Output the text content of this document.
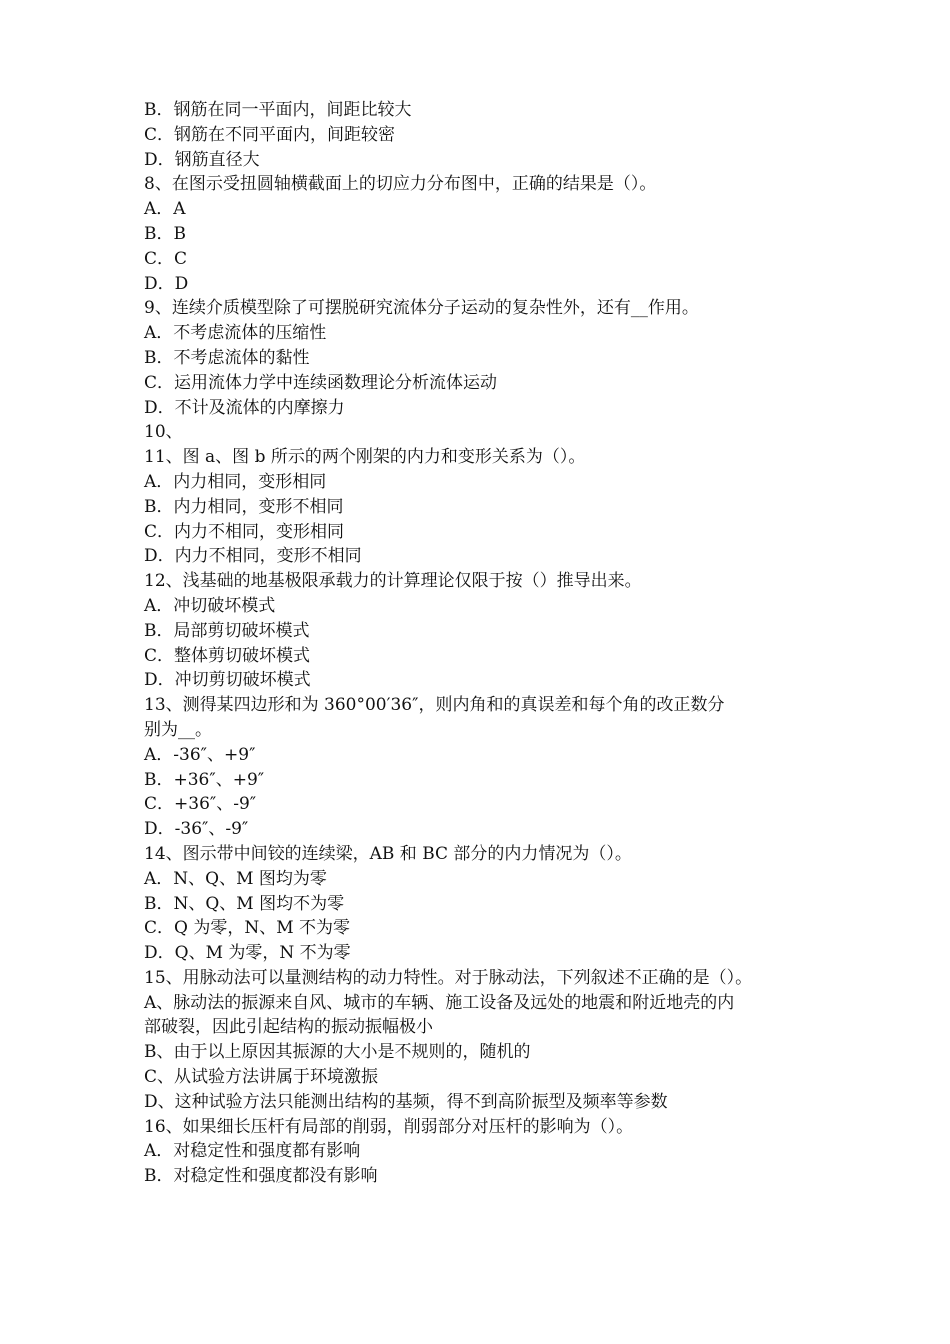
B．钢筋在同一平面内，间距比较大
C．钢筋在不同平面内，间距较密
D．钢筋直径大
8、在图示受扭圆轴横截面上的切应力分布图中，正确的结果是（）。
A．A
B．B
C．C
D．D
9、连续介质模型除了可摆脱研究流体分子运动的复杂性外，还有__作用。
A．不考虑流体的压缩性
B．不考虑流体的黏性
C．运用流体力学中连续函数理论分析流体运动
D．不计及流体的内摩擦力
10、
11、图 a、图 b 所示的两个刚架的内力和变形关系为（）。
A．内力相同，变形相同
B．内力相同，变形不相同
C．内力不相同，变形相同
D．内力不相同，变形不相同
12、浅基础的地基极限承载力的计算理论仅限于按（）推导出来。
A．冲切破坏模式
B．局部剪切破坏模式
C．整体剪切破坏模式
D．冲切剪切破坏模式
13、测得某四边形和为 360°00′36″，则内角和的真误差和每个角的改正数分
别为__。
A．-36″、+9″
B．+36″、+9″
C．+36″、-9″
D．-36″、-9″
14、图示带中间铰的连续梁，AB 和 BC 部分的内力情况为（）。
A．N、Q、M 图均为零
B．N、Q、M 图均不为零
C．Q 为零，N、M 不为零
D．Q、M 为零，N 不为零
15、用脉动法可以量测结构的动力特性。对于脉动法，下列叙述不正确的是（）。
A、脉动法的振源来自风、城市的车辆、施工设备及远处的地震和附近地壳的内
部破裂，因此引起结构的振动振幅极小
B、由于以上原因其振源的大小是不规则的，随机的
C、从试验方法讲属于环境激振
D、这种试验方法只能测出结构的基频，得不到高阶振型及频率等参数
16、如果细长压杆有局部的削弱，削弱部分对压杆的影响为（）。
A．对稳定性和强度都有影响
B．对稳定性和强度都没有影响
